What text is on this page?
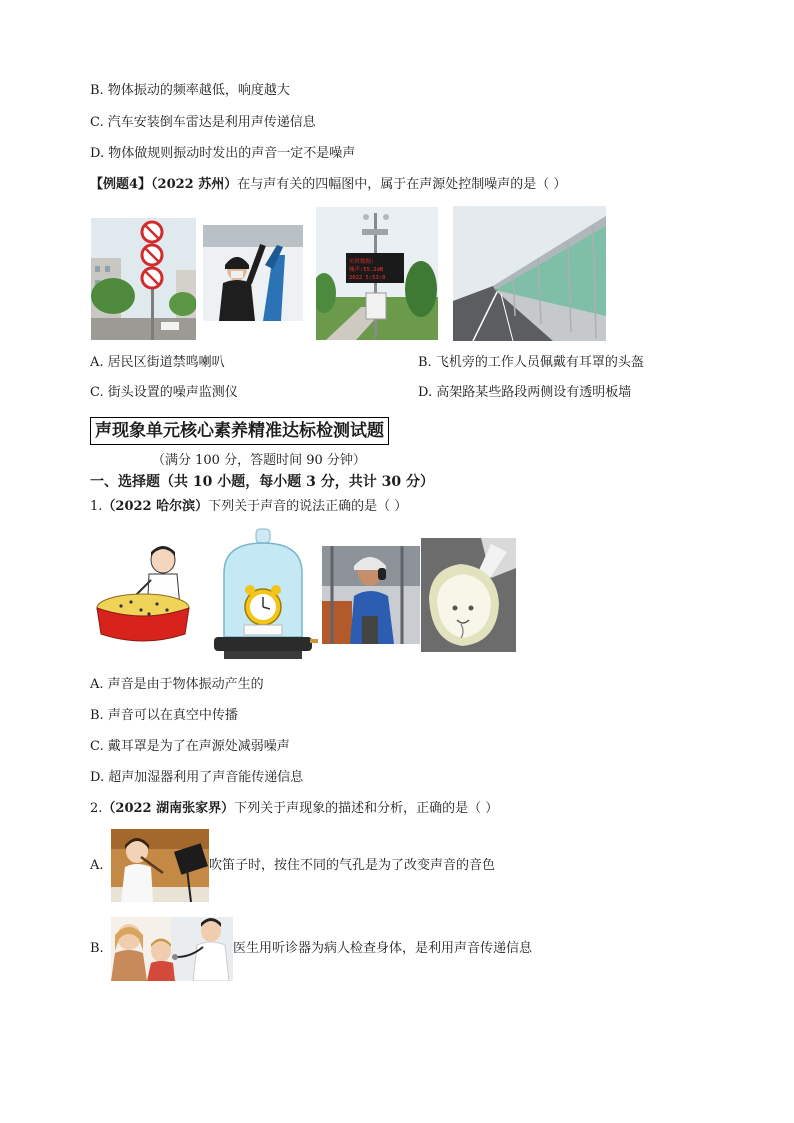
B. 物体振动的频率越低，响度越大
C. 汽车安装倒车雷达是利用声传递信息
D. 物体做规则振动时发出的声音一定不是噪声
【例题4】（2022 苏州）在与声有关的四幅图中，属于在声源处控制噪声的是（ ）
实时数据:
噪声:55.2dB
2022 5:53:0
A. 居民区街道禁鸣喇叭	B. 飞机旁的工作人员佩戴有耳罩的头盔
C. 街头设置的噪声监测仪	D. 高架路某些路段两侧设有透明板墙
声现象单元核心素养精准达标检测试题
（满分 100 分，答题时间 90 分钟）
一、选择题（共 10 小题，每小题 3 分，共计 30 分）
1.（2022 哈尔滨）下列关于声音的说法正确的是（ ）
A. 声音是由于物体振动产生的
B. 声音可以在真空中传播
C. 戴耳罩是为了在声源处减弱噪声
D. 超声加湿器利用了声音能传递信息
2.（2022 湖南张家界）下列关于声现象的描述和分析，正确的是（ ）
A.	吹笛子时，按住不同的气孔是为了改变声音的音色
B.	医生用听诊器为病人检查身体，是利用声音传递信息
